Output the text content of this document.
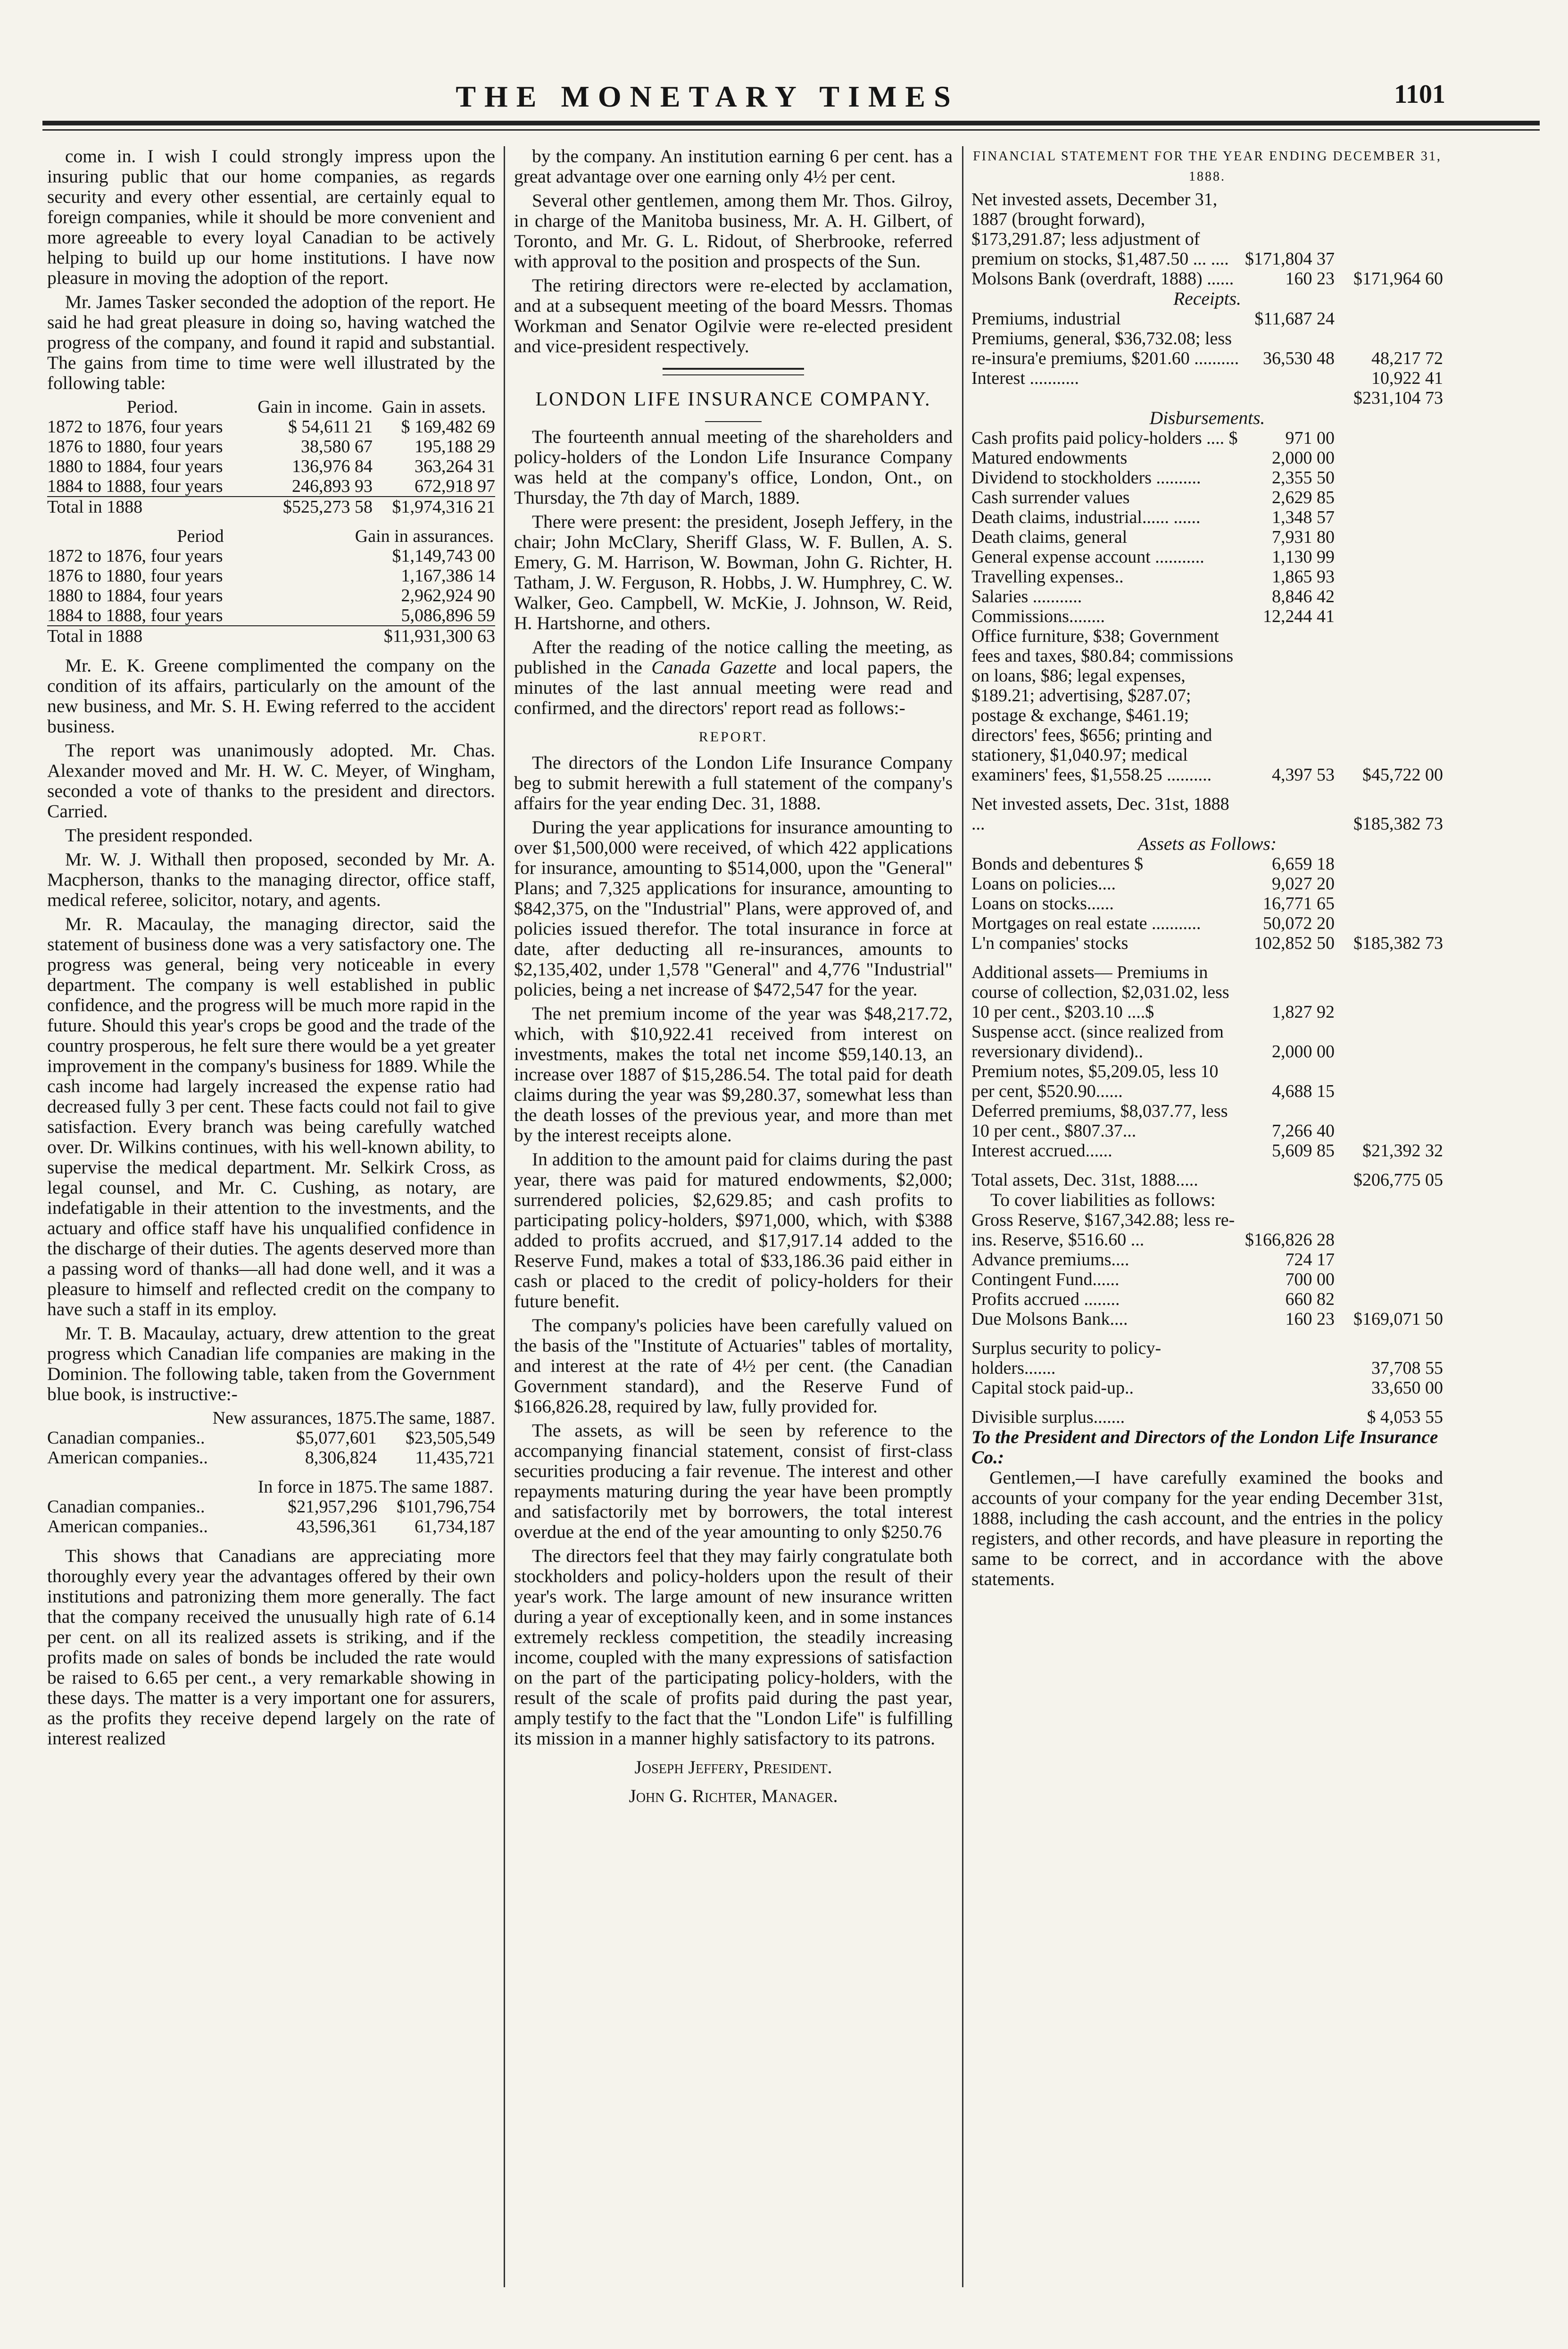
THE MONETARY TIMES	1101

come in. I wish I could strongly impress upon the insuring public that our home companies, as regards security and every other essential, are certainly equal to foreign companies, while it should be more convenient and more agreeable to every loyal Canadian to be actively helping to build up our home institutions. I have now pleasure in moving the adoption of the report.

Mr. James Tasker seconded the adoption of the report. He said he had great pleasure in doing so, having watched the progress of the company, and found it rapid and substantial. The gains from time to time were well illustrated by the following table:

Period.	Gain in income.	Gain in assets.
1872 to 1876, four years	$ 54,611 21	$ 169,482 69
1876 to 1880, four years	38,580 67	195,188 29
1880 to 1884, four years	136,976 84	363,264 31
1884 to 1888, four years	246,893 93	672,918 97
Total in 1888	$525,273 58	$1,974,316 21
Period	Gain in assurances.
1872 to 1876, four years	$1,149,743 00
1876 to 1880, four years	1,167,386 14
1880 to 1884, four years	2,962,924 90
1884 to 1888, four years	5,086,896 59
Total in 1888	$11,931,300 63

Mr. E. K. Greene complimented the company on the condition of its affairs, particularly on the amount of the new business, and Mr. S. H. Ewing referred to the accident business.

The report was unanimously adopted. Mr. Chas. Alexander moved and Mr. H. W. C. Meyer, of Wingham, seconded a vote of thanks to the president and directors. Carried.

The president responded.

Mr. W. J. Withall then proposed, seconded by Mr. A. Macpherson, thanks to the managing director, office staff, medical referee, solicitor, notary, and agents.

Mr. R. Macaulay, the managing director, said the statement of business done was a very satisfactory one. The progress was general, being very noticeable in every department. The company is well established in public confidence, and the progress will be much more rapid in the future. Should this year's crops be good and the trade of the country prosperous, he felt sure there would be a yet greater improvement in the company's business for 1889. While the cash income had largely increased the expense ratio had decreased fully 3 per cent. These facts could not fail to give satisfaction. Every branch was being carefully watched over. Dr. Wilkins continues, with his well-known ability, to supervise the medical department. Mr. Selkirk Cross, as legal counsel, and Mr. C. Cushing, as notary, are indefatigable in their attention to the investments, and the actuary and office staff have his unqualified confidence in the discharge of their duties. The agents deserved more than a passing word of thanks—all had done well, and it was a pleasure to himself and reflected credit on the company to have such a staff in its employ.

Mr. T. B. Macaulay, actuary, drew attention to the great progress which Canadian life companies are making in the Dominion. The following table, taken from the Government blue book, is instructive:-

	New assurances, 1875.	The same, 1887.
Canadian companies..	$5,077,601	$23,505,549
American companies..	8,306,824	11,435,721
	In force in 1875.	The same 1887.
Canadian companies..	$21,957,296	$101,796,754
American companies..	43,596,361	61,734,187

This shows that Canadians are appreciating more thoroughly every year the advantages offered by their own institutions and patronizing them more generally. The fact that the company received the unusually high rate of 6.14 per cent. on all its realized assets is striking, and if the profits made on sales of bonds be included the rate would be raised to 6.65 per cent., a very remarkable showing in these days. The matter is a very important one for assurers, as the profits they receive depend largely on the rate of interest realized

by the company. An institution earning 6 per cent. has a great advantage over one earning only 4½ per cent.

Several other gentlemen, among them Mr. Thos. Gilroy, in charge of the Manitoba business, Mr. A. H. Gilbert, of Toronto, and Mr. G. L. Ridout, of Sherbrooke, referred with approval to the position and prospects of the Sun.

The retiring directors were re-elected by acclamation, and at a subsequent meeting of the board Messrs. Thomas Workman and Senator Ogilvie were re-elected president and vice-president respectively.

LONDON LIFE INSURANCE COMPANY.

The fourteenth annual meeting of the shareholders and policy-holders of the London Life Insurance Company was held at the company's office, London, Ont., on Thursday, the 7th day of March, 1889.

There were present: the president, Joseph Jeffery, in the chair; John McClary, Sheriff Glass, W. F. Bullen, A. S. Emery, G. M. Harrison, W. Bowman, John G. Richter, H. Tatham, J. W. Ferguson, R. Hobbs, J. W. Humphrey, C. W. Walker, Geo. Campbell, W. McKie, J. Johnson, W. Reid, H. Hartshorne, and others.

After the reading of the notice calling the meeting, as published in the Canada Gazette and local papers, the minutes of the last annual meeting were read and confirmed, and the directors' report read as follows:-

REPORT.

The directors of the London Life Insurance Company beg to submit herewith a full statement of the company's affairs for the year ending Dec. 31, 1888.

During the year applications for insurance amounting to over $1,500,000 were received, of which 422 applications for insurance, amounting to $514,000, upon the "General" Plans; and 7,325 applications for insurance, amounting to $842,375, on the "Industrial" Plans, were approved of, and policies issued therefor. The total insurance in force at date, after deducting all re-insurances, amounts to $2,135,402, under 1,578 "General" and 4,776 "Industrial" policies, being a net increase of $472,547 for the year.

The net premium income of the year was $48,217.72, which, with $10,922.41 received from interest on investments, makes the total net income $59,140.13, an increase over 1887 of $15,286.54. The total paid for death claims during the year was $9,280.37, somewhat less than the death losses of the previous year, and more than met by the interest receipts alone.

In addition to the amount paid for claims during the past year, there was paid for matured endowments, $2,000; surrendered policies, $2,629.85; and cash profits to participating policy-holders, $971,000, which, with $388 added to profits accrued, and $17,917.14 added to the Reserve Fund, makes a total of $33,186.36 paid either in cash or placed to the credit of policy-holders for their future benefit.

The company's policies have been carefully valued on the basis of the "Institute of Actuaries" tables of mortality, and interest at the rate of 4½ per cent. (the Canadian Government standard), and the Reserve Fund of $166,826.28, required by law, fully provided for.

The assets, as will be seen by reference to the accompanying financial statement, consist of first-class securities producing a fair revenue. The interest and other repayments maturing during the year have been promptly and satisfactorily met by borrowers, the total interest overdue at the end of the year amounting to only $250.76

The directors feel that they may fairly congratulate both stockholders and policy-holders upon the result of their year's work. The large amount of new insurance written during a year of exceptionally keen, and in some instances extremely reckless competition, the steadily increasing income, coupled with the many expressions of satisfaction on the part of the participating policy-holders, with the result of the scale of profits paid during the past year, amply testify to the fact that the "London Life" is fulfilling its mission in a manner highly satisfactory to its patrons.

Joseph Jeffery, President.
John G. Richter, Manager.
FINANCIAL STATEMENT FOR THE YEAR ENDING DECEMBER 31, 1888.
Net invested assets, December 31, 1887 (brought forward), $173,291.87; less adjustment of premium on stocks, $1,487.50 ... ....	$171,804 37	
Molsons Bank (overdraft, 1888) ......	160 23	$171,964 60
Receipts.
Premiums, industrial	$11,687 24	
Premiums, general, $36,732.08; less re-insura'e premiums, $201.60 ..........	36,530 48	48,217 72
Interest ...........		10,922 41
		$231,104 73
Disbursements.
Cash profits paid policy-holders .... $	971 00	
Matured endowments	2,000 00	
Dividend to stockholders ..........	2,355 50	
Cash surrender values	2,629 85	
Death claims, industrial...... ......	1,348 57	
Death claims, general	7,931 80	
General expense account ...........	1,130 99	
Travelling expenses..	1,865 93	
Salaries ...........	8,846 42	
Commissions........	12,244 41	
Office furniture, $38; Government fees and taxes, $80.84; commissions on loans, $86; legal expenses, $189.21; advertising, $287.07; postage & exchange, $461.19; directors' fees, $656; printing and stationery, $1,040.97; medical examiners' fees, $1,558.25 ..........	4,397 53	$45,722 00
Net invested assets, Dec. 31st, 1888 ...		$185,382 73
Assets as Follows:
Bonds and debentures $	6,659 18	
Loans on policies....	9,027 20	
Loans on stocks......	16,771 65	
Mortgages on real estate ...........	50,072 20	
L'n companies' stocks	102,852 50	$185,382 73
Additional assets— Premiums in course of collection, $2,031.02, less 10 per cent., $203.10 ....$	1,827 92	
Suspense acct. (since realized from reversionary dividend)..	2,000 00	
Premium notes, $5,209.05, less 10 per cent, $520.90......	4,688 15	
Deferred premiums, $8,037.77, less 10 per cent., $807.37...	7,266 40	
Interest accrued......	5,609 85	$21,392 32
Total assets, Dec. 31st, 1888.....		$206,775 05
To cover liabilities as follows:
Gross Reserve, $167,342.88; less re-ins. Reserve, $516.60 ...	$166,826 28	
Advance premiums....	724 17	
Contingent Fund......	700 00	
Profits accrued ........	660 82	
Due Molsons Bank....	160 23	$169,071 50
Surplus security to policy-holders.......		37,708 55
Capital stock paid-up..		33,650 00
Divisible surplus.......		$ 4,053 55
To the President and Directors of the London Life Insurance Co.:

Gentlemen,—I have carefully examined the books and accounts of your company for the year ending December 31st, 1888, including the cash account, and the entries in the policy registers, and other records, and have pleasure in reporting the same to be correct, and in accordance with the above statements.
